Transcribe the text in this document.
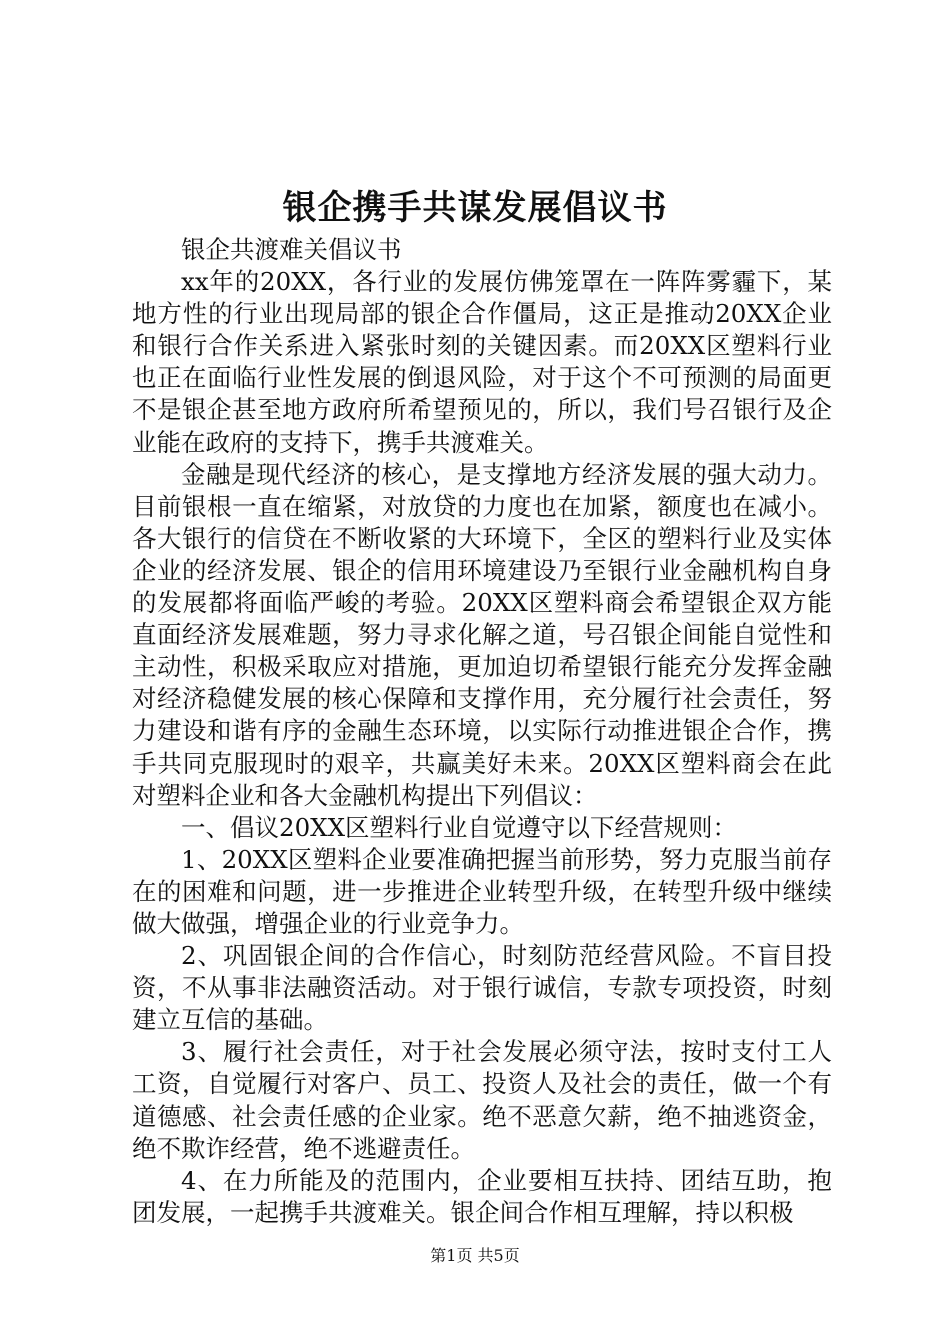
银企携手共谋发展倡议书

银企共渡难关倡议书

xx年的20XX，各行业的发展仿佛笼罩在一阵阵雾霾下，某地方性的行业出现局部的银企合作僵局，这正是推动20XX企业和银行合作关系进入紧张时刻的关键因素。而20XX区塑料行业也正在面临行业性发展的倒退风险，对于这个不可预测的局面更不是银企甚至地方政府所希望预见的，所以，我们号召银行及企业能在政府的支持下，携手共渡难关。

金融是现代经济的核心，是支撑地方经济发展的强大动力。目前银根一直在缩紧，对放贷的力度也在加紧，额度也在减小。各大银行的信贷在不断收紧的大环境下，全区的塑料行业及实体企业的经济发展、银企的信用环境建设乃至银行业金融机构自身的发展都将面临严峻的考验。20XX区塑料商会希望银企双方能直面经济发展难题，努力寻求化解之道，号召银企间能自觉性和主动性，积极采取应对措施，更加迫切希望银行能充分发挥金融对经济稳健发展的核心保障和支撑作用，充分履行社会责任，努力建设和谐有序的金融生态环境，以实际行动推进银企合作，携手共同克服现时的艰辛，共赢美好未来。20XX区塑料商会在此对塑料企业和各大金融机构提出下列倡议：

一、倡议20XX区塑料行业自觉遵守以下经营规则：

1、20XX区塑料企业要准确把握当前形势，努力克服当前存在的困难和问题，进一步推进企业转型升级，在转型升级中继续做大做强，增强企业的行业竞争力。

2、巩固银企间的合作信心，时刻防范经营风险。不盲目投资，不从事非法融资活动。对于银行诚信，专款专项投资，时刻建立互信的基础。

3、履行社会责任，对于社会发展必须守法，按时支付工人工资，自觉履行对客户、员工、投资人及社会的责任，做一个有道德感、社会责任感的企业家。绝不恶意欠薪，绝不抽逃资金，绝不欺诈经营，绝不逃避责任。

4、在力所能及的范围内，企业要相互扶持、团结互助，抱团发展，一起携手共渡难关。银企间合作相互理解，持以积极

第1页 共5页
